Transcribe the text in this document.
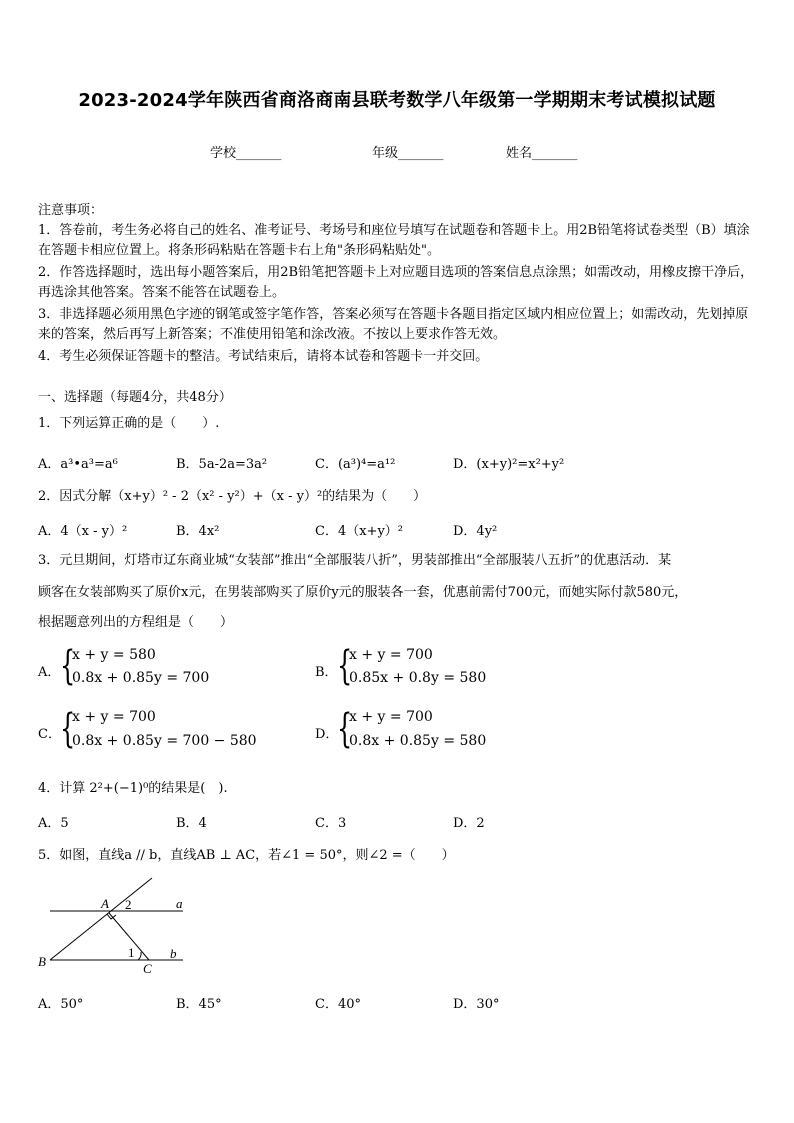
2023-2024学年陕西省商洛商南县联考数学八年级第一学期期末考试模拟试题
学校_______	年级_______	姓名_______
注意事项：
1．答卷前，考生务必将自己的姓名、准考证号、考场号和座位号填写在试题卷和答题卡上。用2B铅笔将试卷类型（B）填涂在答题卡相应位置上。将条形码粘贴在答题卡右上角"条形码粘贴处"。
2．作答选择题时，选出每小题答案后，用2B铅笔把答题卡上对应题目选项的答案信息点涂黑；如需改动，用橡皮擦干净后，再选涂其他答案。答案不能答在试题卷上。
3．非选择题必须用黑色字迹的钢笔或签字笔作答，答案必须写在答题卡各题目指定区域内相应位置上；如需改动，先划掉原来的答案，然后再写上新答案；不准使用铅笔和涂改液。不按以上要求作答无效。
4．考生必须保证答题卡的整洁。考试结束后，请将本试卷和答题卡一并交回。
一、选择题（每题4分，共48分）
1．下列运算正确的是（　　）.
A．a³•a³=a⁶	B．5a-2a=3a²	C．(a³)⁴=a¹²	D．(x+y)²=x²+y²
2．因式分解（x+y）² - 2（x² - y²）+（x - y）²的结果为（　　）
A．4（x - y）²	B．4x²	C．4（x+y）²	D．4y²
3．元旦期间，灯塔市辽东商业城“女装部”推出“全部服装八折”，男装部推出“全部服装八五折”的优惠活动．某
顾客在女装部购买了原价x元，在男装部购买了原价y元的服装各一套，优惠前需付700元，而她实际付款580元，
根据题意列出的方程组是（　　）
A． {
x + y = 580
0.8x + 0.85y = 700	B． {
x + y = 700
0.85x + 0.8y = 580
C． {
x + y = 700
0.8x + 0.85y = 700 − 580	D．
{
x + y = 700
0.8x + 0.85y = 580
4．计算 2²+(−1)⁰的结果是(　).
A．5	B．4	C．3	D．2
5．如图，直线a // b，直线AB ⊥ AC，若∠1 = 50°，则∠2 =（　　）
A 2	a
B
1
C
b
A．50°	B．45°	C．40°	D．30°
